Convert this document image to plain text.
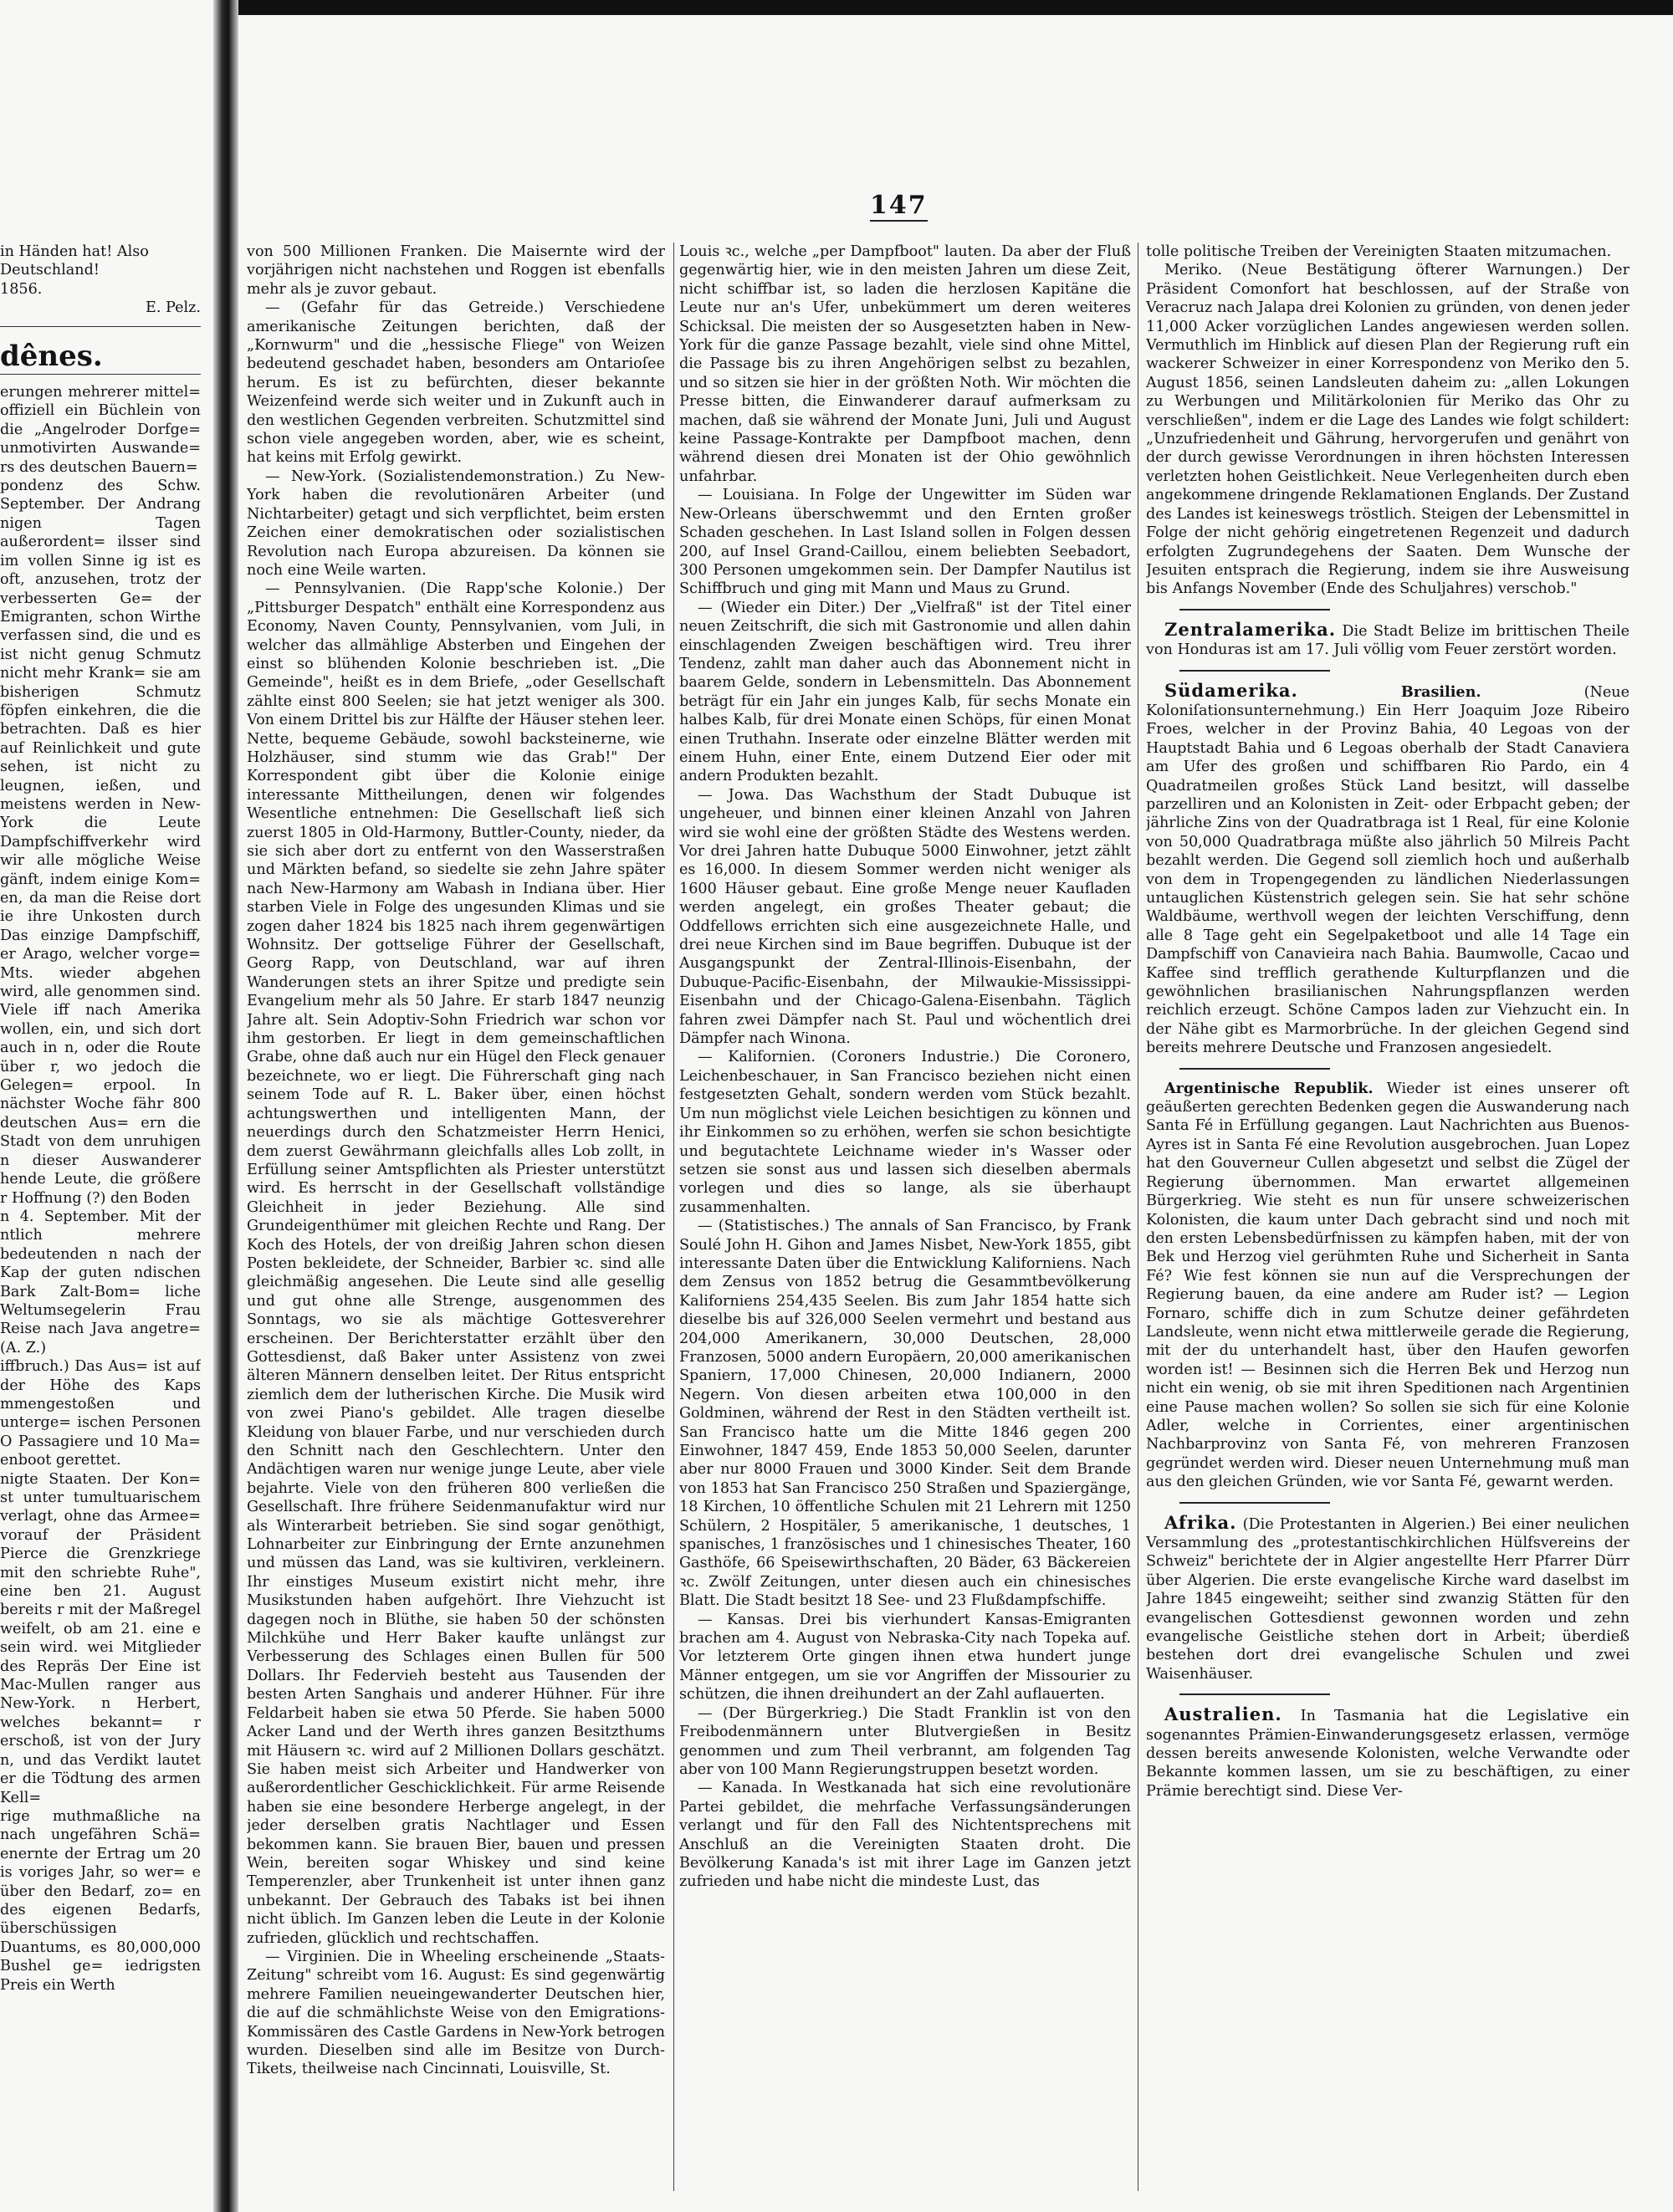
147

in Händen hat! Also

Deutschland!

1856.

E. Pelz.

dênes.

erungen mehrerer mittel= offiziell ein Büchlein von die „Angelroder Dorfge= unmotivirten Auswande= rs des deutschen Bauern=

pondenz des Schw. September. Der Andrang nigen Tagen außerordent= ilsser sind im vollen Sinne ig ist es oft, anzusehen, trotz der verbesserten Ge= der Emigranten, schon Wirthe verfassen sind, die und es ist nicht genug Schmutz nicht mehr Krank= sie am bisherigen Schmutz föpfen einkehren, die die betrachten. Daß es hier auf Reinlichkeit und gute sehen, ist nicht zu leugnen, ießen, und meistens werden in New-York die Leute Dampfschiffverkehr wird wir alle mögliche Weise gänft, indem einige Kom= en, da man die Reise dort ie ihre Unkosten durch Das einzige Dampfschiff, er Arago, welcher vorge= Mts. wieder abgehen wird, alle genommen sind. Viele iff nach Amerika wollen, ein, und sich dort auch in n, oder die Route über r, wo jedoch die Gelegen= erpool. In nächster Woche fähr 800 deutschen Aus= ern die Stadt von dem unruhigen n dieser Auswanderer hende Leute, die größere r Hoffnung (?) den Boden

n 4. September. Mit der ntlich mehrere bedeutenden n nach der Kap der guten ndischen Bark Zalt-Bom= liche Weltumsegelerin Frau Reise nach Java angetre= (A. Z.)

iffbruch.) Das Aus= ist auf der Höhe des Kaps mmengestoßen und unterge= ischen Personen O Passagiere und 10 Ma= enboot gerettet.

nigte Staaten. Der Kon= st unter tumultuarischem verlagt, ohne das Armee= vorauf der Präsident Pierce die Grenzkriege mit den schriebte Ruhe", eine ben 21. August bereits r mit der Maßregel weifelt, ob am 21. eine e sein wird. wei Mitglieder des Repräs Der Eine ist Mac-Mullen ranger aus New-York. n Herbert, welches bekannt= r erschoß, ist von der Jury n, und das Verdikt lautet er die Tödtung des armen Kell=

rige muthmaßliche na nach ungefähren Schä= enernte der Ertrag um 20 is voriges Jahr, so wer= e über den Bedarf, zo= en des eigenen Bedarfs, überschüssigen Duantums, es 80,000,000 Bushel ge= iedrigsten Preis ein Werth

von 500 Millionen Franken. Die Maisernte wird der vorjährigen nicht nachstehen und Roggen ist ebenfalls mehr als je zuvor gebaut.

— (Gefahr für das Getreide.) Verschiedene amerikanische Zeitungen berichten, daß der „Kornwurm" und die „hessische Fliege" von Weizen bedeutend geschadet haben, besonders am Ontarioſee herum. Es ist zu befürchten, dieser bekannte Weizenfeind werde sich weiter und in Zukunft auch in den westlichen Gegenden verbreiten. Schutzmittel sind schon viele angegeben worden, aber, wie es scheint, hat keins mit Erfolg gewirkt.

— New-York. (Sozialistendemonstration.) Zu New-York haben die revolutionären Arbeiter (und Nichtarbeiter) getagt und sich verpflichtet, beim ersten Zeichen einer demokratischen oder sozialistischen Revolution nach Europa abzureisen. Da können sie noch eine Weile warten.

— Pennsylvanien. (Die Rapp'sche Kolonie.) Der „Pittsburger Despatch" enthält eine Korrespondenz aus Economy, Naven County, Pennsylvanien, vom Juli, in welcher das allmählige Absterben und Eingehen der einst so blühenden Kolonie beschrieben ist. „Die Gemeinde", heißt es in dem Briefe, „oder Gesellschaft zählte einst 800 Seelen; sie hat jetzt weniger als 300. Von einem Drittel bis zur Hälfte der Häuser stehen leer. Nette, bequeme Gebäude, sowohl backsteinerne, wie Holzhäuser, sind stumm wie das Grab!" Der Korrespondent gibt über die Kolonie einige interessante Mittheilungen, denen wir folgendes Wesentliche entnehmen: Die Gesellschaft ließ sich zuerst 1805 in Old-Harmony, Buttler-County, nieder, da sie sich aber dort zu entfernt von den Wasserstraßen und Märkten befand, so siedelte sie zehn Jahre später nach New-Harmony am Wabash in Indiana über. Hier starben Viele in Folge des ungesunden Klimas und sie zogen daher 1824 bis 1825 nach ihrem gegenwärtigen Wohnsitz. Der gottselige Führer der Gesellschaft, Georg Rapp, von Deutschland, war auf ihren Wanderungen stets an ihrer Spitze und predigte sein Evangelium mehr als 50 Jahre. Er starb 1847 neunzig Jahre alt. Sein Adoptiv-Sohn Friedrich war schon vor ihm gestorben. Er liegt in dem gemeinschaftlichen Grabe, ohne daß auch nur ein Hügel den Fleck genauer bezeichnete, wo er liegt. Die Führerschaft ging nach seinem Tode auf R. L. Baker über, einen höchst achtungswerthen und intelligenten Mann, der neuerdings durch den Schatzmeister Herrn Henici, dem zuerst Gewährmann gleichfalls alles Lob zollt, in Erfüllung seiner Amtspflichten als Priester unterstützt wird. Es herrscht in der Gesellschaft vollständige Gleichheit in jeder Beziehung. Alle sind Grundeigenthümer mit gleichen Rechte und Rang. Der Koch des Hotels, der von dreißig Jahren schon diesen Posten bekleidete, der Schneider, Barbier ꝛc. sind alle gleichmäßig angesehen. Die Leute sind alle gesellig und gut ohne alle Strenge, ausgenommen des Sonntags, wo sie als mächtige Gottesverehrer erscheinen. Der Berichterstatter erzählt über den Gottesdienst, daß Baker unter Assistenz von zwei älteren Männern denselben leitet. Der Ritus entspricht ziemlich dem der lutherischen Kirche. Die Musik wird von zwei Piano's gebildet. Alle tragen dieselbe Kleidung von blauer Farbe, und nur verschieden durch den Schnitt nach den Geschlechtern. Unter den Andächtigen waren nur wenige junge Leute, aber viele bejahrte. Viele von den früheren 800 verließen die Gesellschaft. Ihre frühere Seidenmanufaktur wird nur als Winterarbeit betrieben. Sie sind sogar genöthigt, Lohnarbeiter zur Einbringung der Ernte anzunehmen und müssen das Land, was sie kultiviren, verkleinern. Ihr einstiges Museum existirt nicht mehr, ihre Musikstunden haben aufgehört. Ihre Viehzucht ist dagegen noch in Blüthe, sie haben 50 der schönsten Milchkühe und Herr Baker kaufte unlängst zur Verbesserung des Schlages einen Bullen für 500 Dollars. Ihr Federvieh besteht aus Tausenden der besten Arten Sanghais und anderer Hühner. Für ihre Feldarbeit haben sie etwa 50 Pferde. Sie haben 5000 Acker Land und der Werth ihres ganzen Besitzthums mit Häusern ꝛc. wird auf 2 Millionen Dollars geschätzt. Sie haben meist sich Arbeiter und Handwerker von außerordentlicher Geschicklichkeit. Für arme Reisende haben sie eine besondere Herberge angelegt, in der jeder derselben gratis Nachtlager und Essen bekommen kann. Sie brauen Bier, bauen und pressen Wein, bereiten sogar Whiskey und sind keine Temperenzler, aber Trunkenheit ist unter ihnen ganz unbekannt. Der Gebrauch des Tabaks ist bei ihnen nicht üblich. Im Ganzen leben die Leute in der Kolonie zufrieden, glücklich und rechtschaffen.

— Virginien. Die in Wheeling erscheinende „Staats-Zeitung" schreibt vom 16. August: Es sind gegenwärtig mehrere Familien neueingewanderter Deutschen hier, die auf die schmählichste Weise von den Emigrations-Kommissären des Castle Gardens in New-York betrogen wurden. Dieselben sind alle im Besitze von Durch-Tikets, theilweise nach Cincinnati, Louisville, St.

Louis ꝛc., welche „per Dampfboot" lauten. Da aber der Fluß gegenwärtig hier, wie in den meisten Jahren um diese Zeit, nicht schiffbar ist, so laden die herzlosen Kapitäne die Leute nur an's Ufer, unbekümmert um deren weiteres Schicksal. Die meisten der so Ausgesetzten haben in New-York für die ganze Passage bezahlt, viele sind ohne Mittel, die Passage bis zu ihren Angehörigen selbst zu bezahlen, und so sitzen sie hier in der größten Noth. Wir möchten die Presse bitten, die Einwanderer darauf aufmerksam zu machen, daß sie während der Monate Juni, Juli und August keine Passage-Kontrakte per Dampfboot machen, denn während diesen drei Monaten ist der Ohio gewöhnlich unfahrbar.

— Louisiana. In Folge der Ungewitter im Süden war New-Orleans überschwemmt und den Ernten großer Schaden geschehen. In Last Island sollen in Folgen dessen 200, auf Insel Grand-Caillou, einem beliebten Seebadort, 300 Personen umgekommen sein. Der Dampfer Nautilus ist Schiffbruch und ging mit Mann und Maus zu Grund.

— (Wieder ein Diter.) Der „Vielfraß" ist der Titel einer neuen Zeitschrift, die sich mit Gastronomie und allen dahin einschlagenden Zweigen beschäftigen wird. Treu ihrer Tendenz, zahlt man daher auch das Abonnement nicht in baarem Gelde, sondern in Lebensmitteln. Das Abonnement beträgt für ein Jahr ein junges Kalb, für sechs Monate ein halbes Kalb, für drei Monate einen Schöps, für einen Monat einen Truthahn. Inserate oder einzelne Blätter werden mit einem Huhn, einer Ente, einem Dutzend Eier oder mit andern Produkten bezahlt.

— Jowa. Das Wachsthum der Stadt Dubuque ist ungeheuer, und binnen einer kleinen Anzahl von Jahren wird sie wohl eine der größten Städte des Westens werden. Vor drei Jahren hatte Dubuque 5000 Einwohner, jetzt zählt es 16,000. In diesem Sommer werden nicht weniger als 1600 Häuser gebaut. Eine große Menge neuer Kaufladen werden angelegt, ein großes Theater gebaut; die Oddfellows errichten sich eine ausgezeichnete Halle, und drei neue Kirchen sind im Baue begriffen. Dubuque ist der Ausgangspunkt der Zentral-Illinois-Eisenbahn, der Dubuque-Pacific-Eisenbahn, der Milwaukie-Mississippi-Eisenbahn und der Chicago-Galena-Eisenbahn. Täglich fahren zwei Dämpfer nach St. Paul und wöchentlich drei Dämpfer nach Winona.

— Kalifornien. (Coroners Industrie.) Die Coronero, Leichenbeschauer, in San Francisco beziehen nicht einen festgesetzten Gehalt, sondern werden vom Stück bezahlt. Um nun möglichst viele Leichen besichtigen zu können und ihr Einkommen so zu erhöhen, werfen sie schon besichtigte und begutachtete Leichname wieder in's Wasser oder setzen sie sonst aus und lassen sich dieselben abermals vorlegen und dies so lange, als sie überhaupt zusammenhalten.

— (Statistisches.) The annals of San Francisco, by Frank Soulé John H. Gihon and James Nisbet, New-York 1855, gibt interessante Daten über die Entwicklung Kaliforniens. Nach dem Zensus von 1852 betrug die Gesammtbevölkerung Kaliforniens 254,435 Seelen. Bis zum Jahr 1854 hatte sich dieselbe bis auf 326,000 Seelen vermehrt und bestand aus 204,000 Amerikanern, 30,000 Deutschen, 28,000 Franzosen, 5000 andern Europäern, 20,000 amerikanischen Spaniern, 17,000 Chinesen, 20,000 Indianern, 2000 Negern. Von diesen arbeiten etwa 100,000 in den Goldminen, während der Rest in den Städten vertheilt ist. San Francisco hatte um die Mitte 1846 gegen 200 Einwohner, 1847 459, Ende 1853 50,000 Seelen, darunter aber nur 8000 Frauen und 3000 Kinder. Seit dem Brande von 1853 hat San Francisco 250 Straßen und Spaziergänge, 18 Kirchen, 10 öffentliche Schulen mit 21 Lehrern mit 1250 Schülern, 2 Hospitäler, 5 amerikanische, 1 deutsches, 1 spanisches, 1 französisches und 1 chinesisches Theater, 160 Gasthöfe, 66 Speisewirthschaften, 20 Bäder, 63 Bäckereien ꝛc. Zwölf Zeitungen, unter diesen auch ein chinesisches Blatt. Die Stadt besitzt 18 See- und 23 Flußdampfschiffe.

— Kansas. Drei bis vierhundert Kansas-Emigranten brachen am 4. August von Nebraska-City nach Topeka auf. Vor letzterem Orte gingen ihnen etwa hundert junge Männer entgegen, um sie vor Angriffen der Missourier zu schützen, die ihnen dreihundert an der Zahl auflauerten.

— (Der Bürgerkrieg.) Die Stadt Franklin ist von den Freibodenmännern unter Blutvergießen in Besitz genommen und zum Theil verbrannt, am folgenden Tag aber von 100 Mann Regierungstruppen besetzt worden.

— Kanada. In Westkanada hat sich eine revolutionäre Partei gebildet, die mehrfache Verfassungsänderungen verlangt und für den Fall des Nichtentsprechens mit Anschluß an die Vereinigten Staaten droht. Die Bevölkerung Kanada's ist mit ihrer Lage im Ganzen jetzt zufrieden und habe nicht die mindeste Lust, das

tolle politische Treiben der Vereinigten Staaten mitzumachen.

Meriko. (Neue Bestätigung öfterer Warnungen.) Der Präsident Comonfort hat beschlossen, auf der Straße von Veracruz nach Jalapa drei Kolonien zu gründen, von denen jeder 11,000 Acker vorzüglichen Landes angewiesen werden sollen. Vermuthlich im Hinblick auf diesen Plan der Regierung ruft ein wackerer Schweizer in einer Korrespondenz von Meriko den 5. August 1856, seinen Landsleuten daheim zu: „allen Lokungen zu Werbungen und Militärkolonien für Meriko das Ohr zu verschließen", indem er die Lage des Landes wie folgt schildert: „Unzufriedenheit und Gährung, hervorgerufen und genährt von der durch gewisse Verordnungen in ihren höchsten Interessen verletzten hohen Geistlichkeit. Neue Verlegenheiten durch eben angekommene dringende Reklamationen Englands. Der Zustand des Landes ist keineswegs tröstlich. Steigen der Lebensmittel in Folge der nicht gehörig eingetretenen Regenzeit und dadurch erfolgten Zugrundegehens der Saaten. Dem Wunsche der Jesuiten entsprach die Regierung, indem sie ihre Ausweisung bis Anfangs November (Ende des Schuljahres) verschob."

Zentralamerika. Die Stadt Belize im brittischen Theile von Honduras ist am 17. Juli völlig vom Feuer zerstört worden.

Südamerika.	Brasilien.	(Neue Koloniſationsunternehmung.) Ein Herr Joaquim Joze Ribeiro Froes, welcher in der Provinz Bahia, 40 Legoas von der Hauptstadt Bahia und 6 Legoas oberhalb der Stadt Canaviera am Ufer des großen und schiffbaren Rio Pardo, ein 4 Quadratmeilen großes Stück Land besitzt, will dasselbe parzelliren und an Kolonisten in Zeit- oder Erbpacht geben; der jährliche Zins von der Quadratbraga ist 1 Real, für eine Kolonie von 50,000 Quadratbraga müßte also jährlich 50 Milreis Pacht bezahlt werden. Die Gegend soll ziemlich hoch und außerhalb von dem in Tropengegenden zu ländlichen Niederlassungen untauglichen Küstenstrich gelegen sein. Sie hat sehr schöne Waldbäume, werthvoll wegen der leichten Verschiffung, denn alle 8 Tage geht ein Segelpaketboot und alle 14 Tage ein Dampfschiff von Canavieira nach Bahia. Baumwolle, Cacao und Kaffee sind trefflich gerathende Kulturpflanzen und die gewöhnlichen brasilianischen Nahrungspflanzen werden reichlich erzeugt. Schöne Campos laden zur Viehzucht ein. In der Nähe gibt es Marmorbrüche. In der gleichen Gegend sind bereits mehrere Deutsche und Franzosen angesiedelt.

Argentinische Republik. Wieder ist eines unserer oft geäußerten gerechten Bedenken gegen die Auswanderung nach Santa Fé in Erfüllung gegangen. Laut Nachrichten aus Buenos-Ayres ist in Santa Fé eine Revolution ausgebrochen. Juan Lopez hat den Gouverneur Cullen abgesetzt und selbst die Zügel der Regierung übernommen. Man erwartet allgemeinen Bürgerkrieg. Wie steht es nun für unsere schweizerischen Kolonisten, die kaum unter Dach gebracht sind und noch mit den ersten Lebensbedürfnissen zu kämpfen haben, mit der von Bek und Herzog viel gerühmten Ruhe und Sicherheit in Santa Fé? Wie fest können sie nun auf die Versprechungen der Regierung bauen, da eine andere am Ruder ist? — Legion Fornaro, schiffe dich in zum Schutze deiner gefährdeten Landsleute, wenn nicht etwa mittlerweile gerade die Regierung, mit der du unterhandelt hast, über den Haufen geworfen worden ist! — Besinnen sich die Herren Bek und Herzog nun nicht ein wenig, ob sie mit ihren Speditionen nach Argentinien eine Pause machen wollen? So sollen sie sich für eine Kolonie Adler, welche in Corrientes, einer argentinischen Nachbarprovinz von Santa Fé, von mehreren Franzosen gegründet werden wird. Dieser neuen Unternehmung muß man aus den gleichen Gründen, wie vor Santa Fé, gewarnt werden.

Afrika. (Die Protestanten in Algerien.) Bei einer neulichen Versammlung des „protestantischkirchlichen Hülfsvereins der Schweiz" berichtete der in Algier angestellte Herr Pfarrer Dürr über Algerien. Die erste evangelische Kirche ward daselbst im Jahre 1845 eingeweiht; seither sind zwanzig Stätten für den evangelischen Gottesdienst gewonnen worden und zehn evangelische Geistliche stehen dort in Arbeit; überdieß bestehen dort drei evangelische Schulen und zwei Waisenhäuser.

Australien. In Tasmania hat die Legislative ein sogenanntes Prämien-Einwanderungsgesetz erlassen, vermöge dessen bereits anwesende Kolonisten, welche Verwandte oder Bekannte kommen lassen, um sie zu beschäftigen, zu einer Prämie berechtigt sind. Diese Ver-
